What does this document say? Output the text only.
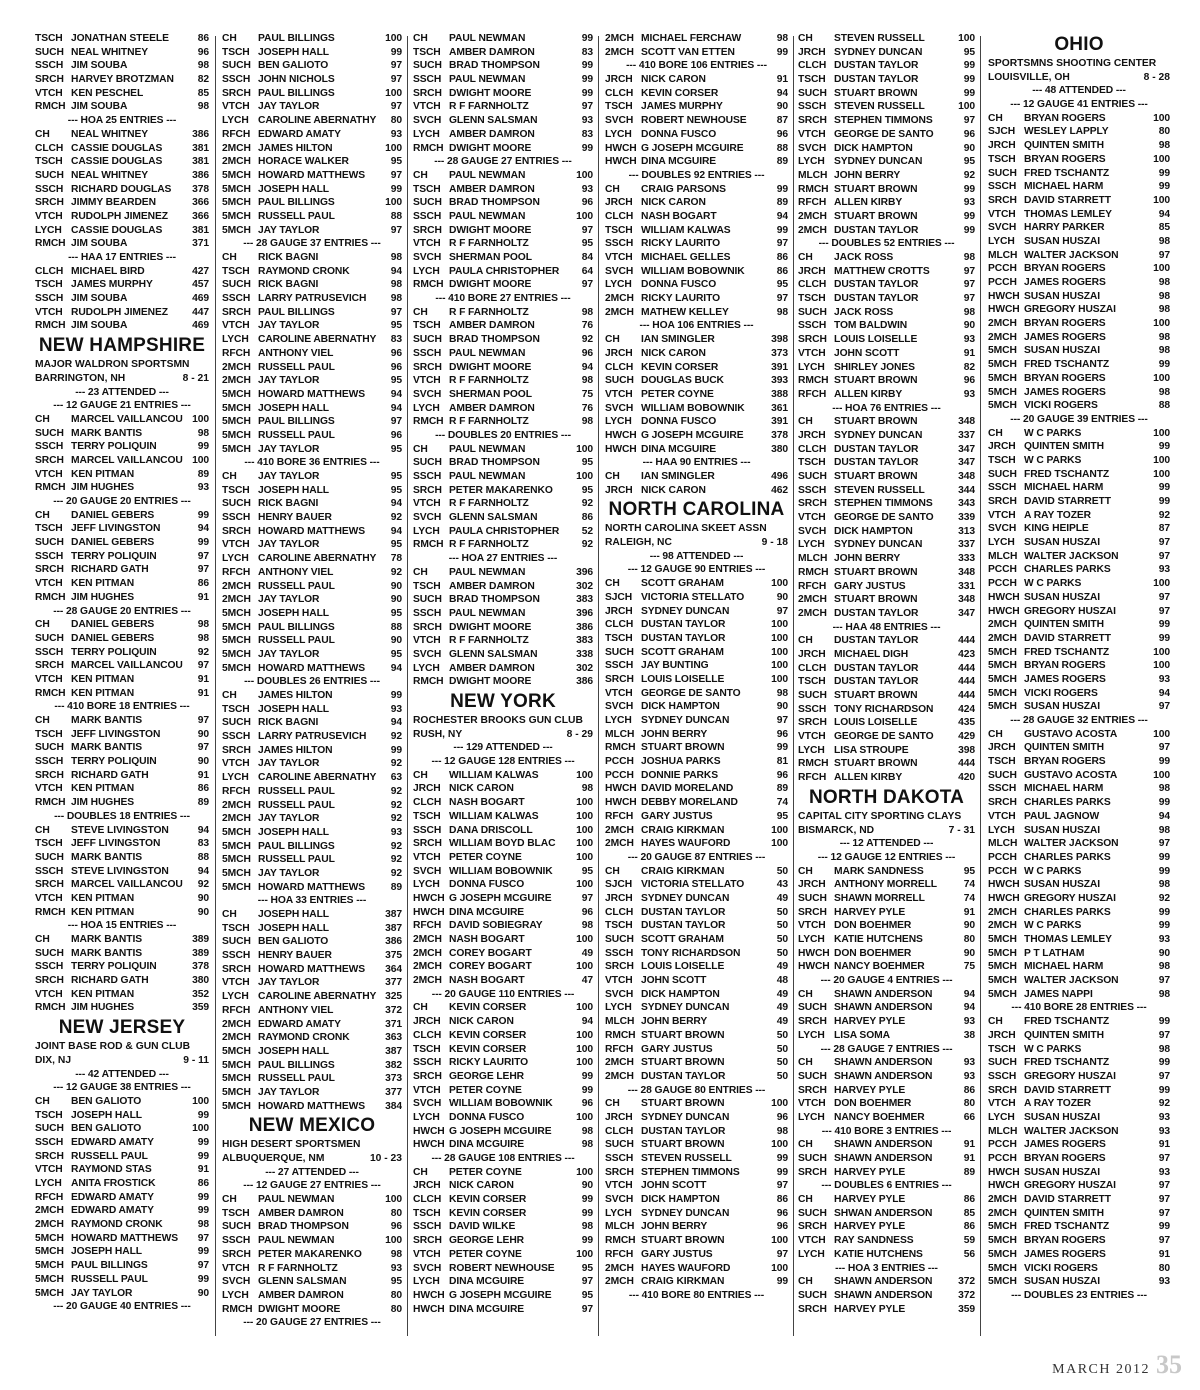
TSCH JONATHAN STEELE	86
SUCH NEAL WHITNEY	96
SSCH JIM SOUBA	98
SRCH HARVEY BROTZMAN	82
VTCH KEN PESCHEL	85
RMCH JIM SOUBA	98
--- HOA 25 ENTRIES ---
CH	NEAL WHITNEY	386
CLCH CASSIE DOUGLAS	381
TSCH CASSIE DOUGLAS	381
SUCH NEAL WHITNEY	386
SSCH RICHARD DOUGLAS	378
SRCH JIMMY BEARDEN	366
VTCH RUDOLPH JIMENEZ	366
LYCH CASSIE DOUGLAS	381
RMCH JIM SOUBA	371
--- HAA 17 ENTRIES ---
CLCH MICHAEL BIRD	427
TSCH JAMES MURPHY	457
SSCH JIM SOUBA	469
VTCH RUDOLPH JIMENEZ	447
RMCH JIM SOUBA	469
NEW HAMPSHIRE
MAJOR WALDRON SPORTSMN
BARRINGTON, NH	8 - 21
--- 23 ATTENDED ---
--- 12 GAUGE 21 ENTRIES ---
CH	MARCEL VAILLANCOU 100
SUCH MARK BANTIS	98
SSCH TERRY POLIQUIN	99
SRCH MARCEL VAILLANCOU 100
VTCH KEN PITMAN	89
RMCH JIM HUGHES	93
--- 20 GAUGE 20 ENTRIES ---
CH	DANIEL GEBERS	99
TSCH JEFF LIVINGSTON	94
SUCH DANIEL GEBERS	99
SSCH TERRY POLIQUIN	97
SRCH RICHARD GATH	97
VTCH KEN PITMAN	86
RMCH JIM HUGHES	91
--- 28 GAUGE 20 ENTRIES ---
CH	DANIEL GEBERS	98
SUCH DANIEL GEBERS	98
SSCH TERRY POLIQUIN	92
SRCH MARCEL VAILLANCOU	97
VTCH KEN PITMAN	91
RMCH KEN PITMAN	91
--- 410 BORE 18 ENTRIES ---
CH	MARK BANTIS	97
TSCH JEFF LIVINGSTON	90
SUCH MARK BANTIS	97
SSCH TERRY POLIQUIN	90
SRCH RICHARD GATH	91
VTCH KEN PITMAN	86
RMCH JIM HUGHES	89
--- DOUBLES 18 ENTRIES ---
CH	STEVE LIVINGSTON	94
TSCH JEFF LIVINGSTON	83
SUCH MARK BANTIS	88
SSCH STEVE LIVINGSTON	94
SRCH MARCEL VAILLANCOU	92
VTCH KEN PITMAN	90
RMCH KEN PITMAN	90
--- HOA 15 ENTRIES ---
CH	MARK BANTIS	389
SUCH MARK BANTIS	389
SSCH TERRY POLIQUIN	378
SRCH RICHARD GATH	380
VTCH KEN PITMAN	352
RMCH JIM HUGHES	359
NEW JERSEY
JOINT BASE ROD & GUN CLUB
DIX, NJ	9 - 11
--- 42 ATTENDED ---
--- 12 GAUGE 38 ENTRIES ---
CH	BEN GALIOTO	100
TSCH JOSEPH HALL	99
SUCH BEN GALIOTO	100
SSCH EDWARD AMATY	99
SRCH RUSSELL PAUL	99
VTCH RAYMOND STAS	91
LYCH ANITA FROSTICK	86
RFCH EDWARD AMATY	99
2MCH EDWARD AMATY	99
2MCH RAYMOND CRONK	98
5MCH HOWARD MATTHEWS	97
5MCH JOSEPH HALL	99
5MCH PAUL BILLINGS	97
5MCH RUSSELL PAUL	99
5MCH JAY TAYLOR	90
--- 20 GAUGE 40 ENTRIES ---
CH	PAUL BILLINGS	100
TSCH JOSEPH HALL	99
SUCH BEN GALIOTO	97
SSCH JOHN NICHOLS	97
SRCH PAUL BILLINGS	100
VTCH JAY TAYLOR	97
LYCH CAROLINE ABERNATHY	80
RFCH EDWARD AMATY	93
2MCH JAMES HILTON	100
2MCH HORACE WALKER	95
5MCH HOWARD MATTHEWS	97
5MCH JOSEPH HALL	99
5MCH PAUL BILLINGS	100
5MCH RUSSELL PAUL	88
5MCH JAY TAYLOR	97
--- 28 GAUGE 37 ENTRIES ---
CH	RICK BAGNI	98
TSCH RAYMOND CRONK	94
SUCH RICK BAGNI	98
SSCH LARRY PATRUSEVICH	98
SRCH PAUL BILLINGS	97
VTCH JAY TAYLOR	95
LYCH CAROLINE ABERNATHY	83
RFCH ANTHONY VIEL	96
2MCH RUSSELL PAUL	96
2MCH JAY TAYLOR	95
5MCH HOWARD MATTHEWS	94
5MCH JOSEPH HALL	94
5MCH PAUL BILLINGS	97
5MCH RUSSELL PAUL	96
5MCH JAY TAYLOR	95
--- 410 BORE 36 ENTRIES ---
CH	JAY TAYLOR	95
TSCH JOSEPH HALL	95
SUCH RICK BAGNI	94
SSCH HENRY BAUER	92
SRCH HOWARD MATTHEWS	94
VTCH JAY TAYLOR	95
LYCH CAROLINE ABERNATHY	78
RFCH ANTHONY VIEL	92
2MCH RUSSELL PAUL	90
2MCH JAY TAYLOR	90
5MCH JOSEPH HALL	95
5MCH PAUL BILLINGS	88
5MCH RUSSELL PAUL	90
5MCH JAY TAYLOR	95
5MCH HOWARD MATTHEWS	94
--- DOUBLES 26 ENTRIES ---
CH	JAMES HILTON	99
TSCH JOSEPH HALL	93
SUCH RICK BAGNI	94
SSCH LARRY PATRUSEVICH	92
SRCH JAMES HILTON	99
VTCH JAY TAYLOR	92
LYCH CAROLINE ABERNATHY	63
RFCH RUSSELL PAUL	92
2MCH RUSSELL PAUL	92
2MCH JAY TAYLOR	92
5MCH JOSEPH HALL	93
5MCH PAUL BILLINGS	92
5MCH RUSSELL PAUL	92
5MCH JAY TAYLOR	92
5MCH HOWARD MATTHEWS	89
--- HOA 33 ENTRIES ---
CH	JOSEPH HALL	387
TSCH JOSEPH HALL	387
SUCH BEN GALIOTO	386
SSCH HENRY BAUER	375
SRCH HOWARD MATTHEWS	364
VTCH JAY TAYLOR	377
LYCH CAROLINE ABERNATHY 325
RFCH ANTHONY VIEL	372
2MCH EDWARD AMATY	371
2MCH RAYMOND CRONK	363
5MCH JOSEPH HALL	387
5MCH PAUL BILLINGS	382
5MCH RUSSELL PAUL	373
5MCH JAY TAYLOR	377
5MCH HOWARD MATTHEWS	384
NEW MEXICO
HIGH DESERT SPORTSMEN
ALBUQUERQUE, NM	10 - 23
--- 27 ATTENDED ---
--- 12 GAUGE 27 ENTRIES ---
CH	PAUL NEWMAN	100
TSCH AMBER DAMRON	80
SUCH BRAD THOMPSON	96
SSCH PAUL NEWMAN	100
SRCH PETER MAKARENKO	98
VTCH R F FARNHOLTZ	93
SVCH GLENN SALSMAN	95
LYCH AMBER DAMRON	80
RMCH DWIGHT MOORE	80
--- 20 GAUGE 27 ENTRIES ---
CH	PAUL NEWMAN	99
TSCH AMBER DAMRON	83
SUCH BRAD THOMPSON	99
SSCH PAUL NEWMAN	99
SRCH DWIGHT MOORE	99
VTCH R F FARNHOLTZ	97
SVCH GLENN SALSMAN	93
LYCH AMBER DAMRON	83
RMCH DWIGHT MOORE	99
--- 28 GAUGE 27 ENTRIES ---
CH	PAUL NEWMAN	100
TSCH AMBER DAMRON	93
SUCH BRAD THOMPSON	96
SSCH PAUL NEWMAN	100
SRCH DWIGHT MOORE	97
VTCH R F FARNHOLTZ	95
SVCH SHERMAN POOL	84
LYCH PAULA CHRISTOPHER	64
RMCH DWIGHT MOORE	97
--- 410 BORE 27 ENTRIES ---
CH	R F FARNHOLTZ	98
TSCH AMBER DAMRON	76
SUCH BRAD THOMPSON	92
SSCH PAUL NEWMAN	96
SRCH DWIGHT MOORE	94
VTCH R F FARNHOLTZ	98
SVCH SHERMAN POOL	75
LYCH AMBER DAMRON	76
RMCH R F FARNHOLTZ	98
--- DOUBLES 20 ENTRIES ---
CH	PAUL NEWMAN	100
SUCH BRAD THOMPSON	95
SSCH PAUL NEWMAN	100
SRCH PETER MAKARENKO	95
VTCH R F FARNHOLTZ	92
SVCH GLENN SALSMAN	86
LYCH PAULA CHRISTOPHER	52
RMCH R F FARNHOLTZ	92
--- HOA 27 ENTRIES ---
CH	PAUL NEWMAN	396
TSCH AMBER DAMRON	302
SUCH BRAD THOMPSON	383
SSCH PAUL NEWMAN	396
SRCH DWIGHT MOORE	386
VTCH R F FARNHOLTZ	383
SVCH GLENN SALSMAN	338
LYCH AMBER DAMRON	302
RMCH DWIGHT MOORE	386
NEW YORK
ROCHESTER BROOKS GUN CLUB
RUSH, NY	8 - 29
--- 129 ATTENDED ---
--- 12 GAUGE 128 ENTRIES ---
CH	WILLIAM KALWAS	100
JRCH NICK CARON	98
CLCH NASH BOGART	100
TSCH WILLIAM KALWAS	100
SSCH DANA DRISCOLL	100
SRCH WILLIAM BOYD BLAC	100
VTCH PETER COYNE	100
SVCH WILLIAM BOBOWNIK	95
LYCH DONNA FUSCO	100
HWCH G JOSEPH MCGUIRE	97
HWCH DINA MCGUIRE	96
RFCH DAVID SOBIEGRAY	98
2MCH NASH BOGART	100
2MCH COREY BOGART	49
2MCH COREY BOGART	100
2MCH NASH BOGART	47
--- 20 GAUGE 110 ENTRIES ---
CH	KEVIN CORSER	100
JRCH NICK CARON	94
CLCH KEVIN CORSER	100
TSCH KEVIN CORSER	100
SSCH RICKY LAURITO	100
SRCH GEORGE LEHR	99
VTCH PETER COYNE	99
SVCH WILLIAM BOBOWNIK	96
LYCH DONNA FUSCO	100
HWCH G JOSEPH MCGUIRE	98
HWCH DINA MCGUIRE	98
--- 28 GAUGE 108 ENTRIES ---
CH	PETER COYNE	100
JRCH NICK CARON	90
CLCH KEVIN CORSER	99
TSCH KEVIN CORSER	99
SSCH DAVID WILKE	98
SRCH GEORGE LEHR	99
VTCH PETER COYNE	100
SVCH ROBERT NEWHOUSE	95
LYCH DINA MCGUIRE	97
HWCH G JOSEPH MCGUIRE	95
HWCH DINA MCGUIRE	97
2MCH MICHAEL FERCHAW	98
2MCH SCOTT VAN ETTEN	99
--- 410 BORE 106 ENTRIES ---
JRCH NICK CARON	91
CLCH KEVIN CORSER	94
TSCH JAMES MURPHY	90
SVCH ROBERT NEWHOUSE	87
LYCH DONNA FUSCO	96
HWCH G JOSEPH MCGUIRE	88
HWCH DINA MCGUIRE	89
--- DOUBLES 92 ENTRIES ---
CH	CRAIG PARSONS	99
JRCH NICK CARON	89
CLCH NASH BOGART	94
TSCH WILLIAM KALWAS	99
SSCH RICKY LAURITO	97
VTCH MICHAEL GELLES	86
SVCH WILLIAM BOBOWNIK	86
LYCH DONNA FUSCO	95
2MCH RICKY LAURITO	97
2MCH MATHEW KELLEY	98
--- HOA 106 ENTRIES ---
CH	IAN SMINGLER	398
JRCH NICK CARON	373
CLCH KEVIN CORSER	391
SUCH DOUGLAS BUCK	393
VTCH PETER COYNE	388
SVCH WILLIAM BOBOWNIK	361
LYCH DONNA FUSCO	391
HWCH G JOSEPH MCGUIRE	378
HWCH DINA MCGUIRE	380
--- HAA 90 ENTRIES ---
CH	IAN SMINGLER	496
JRCH NICK CARON	462
NORTH CAROLINA
NORTH CAROLINA SKEET ASSN
RALEIGH, NC	9 - 18
--- 98 ATTENDED ---
--- 12 GAUGE 90 ENTRIES ---
CH	SCOTT GRAHAM	100
SJCH VICTORIA STELLATO	90
JRCH SYDNEY DUNCAN	97
CLCH DUSTAN TAYLOR	100
TSCH DUSTAN TAYLOR	100
SUCH SCOTT GRAHAM	100
SSCH JAY BUNTING	100
SRCH LOUIS LOISELLE	100
VTCH GEORGE DE SANTO	98
SVCH DICK HAMPTON	90
LYCH SYDNEY DUNCAN	97
MLCH JOHN BERRY	96
RMCH STUART BROWN	99
PCCH JOSHUA PARKS	81
PCCH DONNIE PARKS	96
HWCH DAVID MORELAND	89
HWCH DEBBY MORELAND	74
RFCH GARY JUSTUS	95
2MCH CRAIG KIRKMAN	100
2MCH HAYES WAUFORD	100
--- 20 GAUGE 87 ENTRIES ---
CH	CRAIG KIRKMAN	50
SJCH VICTORIA STELLATO	43
JRCH SYDNEY DUNCAN	49
CLCH DUSTAN TAYLOR	50
TSCH DUSTAN TAYLOR	50
SUCH SCOTT GRAHAM	50
SSCH TONY RICHARDSON	50
SRCH LOUIS LOISELLE	49
VTCH JOHN SCOTT	48
SVCH DICK HAMPTON	49
LYCH SYDNEY DUNCAN	49
MLCH JOHN BERRY	49
RMCH STUART BROWN	50
RFCH GARY JUSTUS	50
2MCH STUART BROWN	50
2MCH DUSTAN TAYLOR	50
--- 28 GAUGE 80 ENTRIES ---
CH	STUART BROWN	100
JRCH SYDNEY DUNCAN	96
CLCH DUSTAN TAYLOR	98
SUCH STUART BROWN	100
SSCH STEVEN RUSSELL	99
SRCH STEPHEN TIMMONS	99
VTCH JOHN SCOTT	97
SVCH DICK HAMPTON	86
LYCH SYDNEY DUNCAN	96
MLCH JOHN BERRY	96
RMCH STUART BROWN	100
RFCH GARY JUSTUS	97
2MCH HAYES WAUFORD	100
2MCH CRAIG KIRKMAN	99
--- 410 BORE 80 ENTRIES ---
CH	STEVEN RUSSELL	100
JRCH SYDNEY DUNCAN	95
CLCH DUSTAN TAYLOR	99
TSCH DUSTAN TAYLOR	99
SUCH STUART BROWN	99
SSCH STEVEN RUSSELL	100
SRCH STEPHEN TIMMONS	97
VTCH GEORGE DE SANTO	96
SVCH DICK HAMPTON	90
LYCH SYDNEY DUNCAN	95
MLCH JOHN BERRY	92
RMCH STUART BROWN	99
RFCH ALLEN KIRBY	93
2MCH STUART BROWN	99
2MCH DUSTAN TAYLOR	99
--- DOUBLES 52 ENTRIES ---
CH	JACK ROSS	98
JRCH MATTHEW CROTTS	97
CLCH DUSTAN TAYLOR	97
TSCH DUSTAN TAYLOR	97
SUCH JACK ROSS	98
SSCH TOM BALDWIN	90
SRCH LOUIS LOISELLE	93
VTCH JOHN SCOTT	91
LYCH SHIRLEY JONES	82
RMCH STUART BROWN	96
RFCH ALLEN KIRBY	93
--- HOA 76 ENTRIES ---
CH	STUART BROWN	348
JRCH SYDNEY DUNCAN	337
CLCH DUSTAN TAYLOR	347
TSCH DUSTAN TAYLOR	347
SUCH STUART BROWN	348
SSCH STEVEN RUSSELL	344
SRCH STEPHEN TIMMONS	343
VTCH GEORGE DE SANTO	339
SVCH DICK HAMPTON	313
LYCH SYDNEY DUNCAN	337
MLCH JOHN BERRY	333
RMCH STUART BROWN	348
RFCH GARY JUSTUS	331
2MCH STUART BROWN	348
2MCH DUSTAN TAYLOR	347
--- HAA 48 ENTRIES ---
CH	DUSTAN TAYLOR	444
JRCH MICHAEL DIGH	423
CLCH DUSTAN TAYLOR	444
TSCH DUSTAN TAYLOR	444
SUCH STUART BROWN	444
SSCH TONY RICHARDSON	424
SRCH LOUIS LOISELLE	435
VTCH GEORGE DE SANTO	429
LYCH LISA STROUPE	398
RMCH STUART BROWN	444
RFCH ALLEN KIRBY	420
NORTH DAKOTA
CAPITAL CITY SPORTING CLAYS
BISMARCK, ND	7 - 31
--- 12 ATTENDED ---
--- 12 GAUGE 12 ENTRIES ---
CH	MARK SANDNESS	95
JRCH ANTHONY MORRELL	74
SUCH SHAWN MORRELL	74
SRCH HARVEY PYLE	91
VTCH DON BOEHMER	90
LYCH KATIE HUTCHENS	80
HWCH DON BOEHMER	90
HWCH NANCY BOEHMER	75
--- 20 GAUGE 4 ENTRIES ---
CH	SHAWN ANDERSON	94
SUCH SHAWN ANDERSON	94
SRCH HARVEY PYLE	93
LYCH LISA SOMA	38
--- 28 GAUGE 7 ENTRIES ---
CH	SHAWN ANDERSON	93
SUCH SHAWN ANDERSON	93
SRCH HARVEY PYLE	86
VTCH DON BOEHMER	80
LYCH NANCY BOEHMER	66
--- 410 BORE 3 ENTRIES ---
CH	SHAWN ANDERSON	91
SUCH SHAWN ANDERSON	91
SRCH HARVEY PYLE	89
--- DOUBLES 6 ENTRIES ---
CH	HARVEY PYLE	86
SUCH SHWAN ANDERSON	85
SRCH HARVEY PYLE	86
VTCH RAY SANDNESS	59
LYCH KATIE HUTCHENS	56
--- HOA 3 ENTRIES ---
CH	SHAWN ANDERSON	372
SUCH SHAWN ANDERSON	372
SRCH HARVEY PYLE	359
OHIO
SPORTSMNS SHOOTING CENTER
LOUISVILLE, OH	8 - 28
--- 48 ATTENDED ---
--- 12 GAUGE 41 ENTRIES ---
CH	BRYAN ROGERS	100
SJCH WESLEY LAPPLY	80
JRCH QUINTEN SMITH	98
TSCH BRYAN ROGERS	100
SUCH FRED TSCHANTZ	99
SSCH MICHAEL HARM	99
SRCH DAVID STARRETT	100
VTCH THOMAS LEMLEY	94
SVCH HARRY PARKER	85
LYCH SUSAN HUSZAI	98
MLCH WALTER JACKSON	97
PCCH BRYAN ROGERS	100
PCCH JAMES ROGERS	98
HWCH SUSAN HUSZAI	98
HWCH GREGORY HUSZAI	98
2MCH BRYAN ROGERS	100
2MCH JAMES ROGERS	98
5MCH SUSAN HUSZAI	98
5MCH FRED TSCHANTZ	99
5MCH BRYAN ROGERS	100
5MCH JAMES ROGERS	98
5MCH VICKI ROGERS	88
--- 20 GAUGE 39 ENTRIES ---
CH	W C PARKS	100
JRCH QUINTEN SMITH	99
TSCH W C PARKS	100
SUCH FRED TSCHANTZ	100
SSCH MICHAEL HARM	99
SRCH DAVID STARRETT	99
VTCH A RAY TOZER	92
SVCH KING HEIPLE	87
LYCH SUSAN HUSZAI	97
MLCH WALTER JACKSON	97
PCCH CHARLES PARKS	93
PCCH W C PARKS	100
HWCH SUSAN HUSZAI	97
HWCH GREGORY HUSZAI	97
2MCH QUINTEN SMITH	99
2MCH DAVID STARRETT	99
5MCH FRED TSCHANTZ	100
5MCH BRYAN ROGERS	100
5MCH JAMES ROGERS	93
5MCH VICKI ROGERS	94
5MCH SUSAN HUSZAI	97
--- 28 GAUGE 32 ENTRIES ---
CH	GUSTAVO ACOSTA	100
JRCH QUINTEN SMITH	97
TSCH BRYAN ROGERS	99
SUCH GUSTAVO ACOSTA	100
SSCH MICHAEL HARM	98
SRCH CHARLES PARKS	99
VTCH PAUL JAGNOW	94
LYCH SUSAN HUSZAI	98
MLCH WALTER JACKSON	97
PCCH CHARLES PARKS	99
PCCH W C PARKS	99
HWCH SUSAN HUSZAI	98
HWCH GREGORY HUSZAI	92
2MCH CHARLES PARKS	99
2MCH W C PARKS	99
5MCH THOMAS LEMLEY	93
5MCH P T LATHAM	90
5MCH MICHAEL HARM	98
5MCH WALTER JACKSON	97
5MCH JAMES NAPPI	98
--- 410 BORE 28 ENTRIES ---
CH	FRED TSCHANTZ	99
JRCH QUINTEN SMITH	97
TSCH W C PARKS	98
SUCH FRED TSCHANTZ	99
SSCH GREGORY HUSZAI	97
SRCH DAVID STARRETT	99
VTCH A RAY TOZER	92
LYCH SUSAN HUSZAI	93
MLCH WALTER JACKSON	93
PCCH JAMES ROGERS	91
PCCH BRYAN ROGERS	97
HWCH SUSAN HUSZAI	93
HWCH GREGORY HUSZAI	97
2MCH DAVID STARRETT	97
2MCH QUINTEN SMITH	97
5MCH FRED TSCHANTZ	99
5MCH BRYAN ROGERS	97
5MCH JAMES ROGERS	91
5MCH VICKI ROGERS	80
5MCH SUSAN HUSZAI	93
--- DOUBLES 23 ENTRIES ---
MARCH 2012 35
